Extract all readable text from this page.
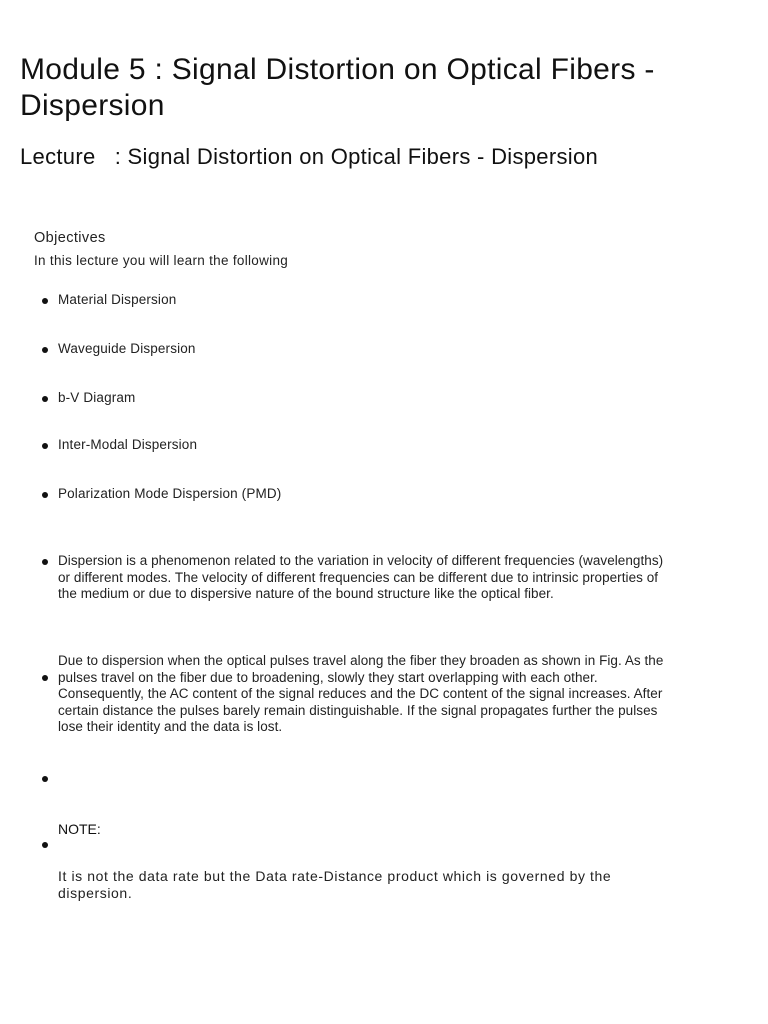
Module 5 : Signal Distortion on Optical Fibers - Dispersion
Lecture   : Signal Distortion on Optical Fibers - Dispersion
Objectives
In this lecture you will learn the following
Material Dispersion
Waveguide Dispersion
b-V Diagram
Inter-Modal Dispersion
Polarization Mode Dispersion (PMD)
Dispersion is a phenomenon related to the variation in velocity of different frequencies (wavelengths) or different modes. The velocity of different frequencies can be different due to intrinsic properties of the medium or due to dispersive nature of the bound structure like the optical fiber.
Due to dispersion when the optical pulses travel along the fiber they broaden as shown in Fig. As the pulses travel on the fiber due to broadening, slowly they start overlapping with each other. Consequently, the AC content of the signal reduces and the DC content of the signal increases. After certain distance the pulses barely remain distinguishable. If the signal propagates further the pulses lose their identity and the data is lost.
NOTE:
It is not the data rate but the Data rate-Distance product which is governed by the dispersion.
